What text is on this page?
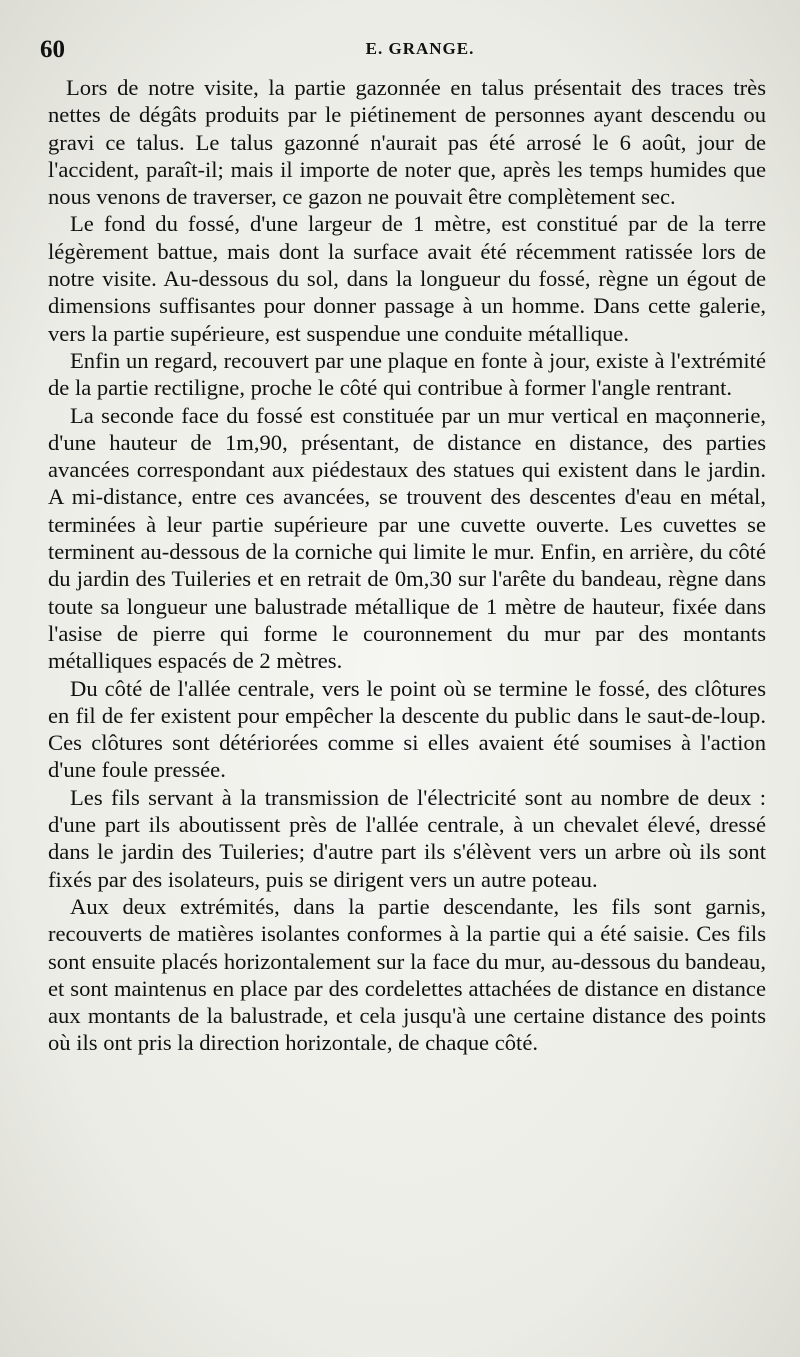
60	E. GRANGE.

Lors de notre visite, la partie gazonnée en talus présentait des traces très nettes de dégâts produits par le piétinement de personnes ayant descendu ou gravi ce talus. Le talus gazonné n'aurait pas été arrosé le 6 août, jour de l'accident, paraît-il; mais il importe de noter que, après les temps humides que nous venons de traverser, ce gazon ne pouvait être complètement sec.

Le fond du fossé, d'une largeur de 1 mètre, est constitué par de la terre légèrement battue, mais dont la surface avait été récemment ratissée lors de notre visite. Au-dessous du sol, dans la longueur du fossé, règne un égout de dimensions suffisantes pour donner passage à un homme. Dans cette galerie, vers la partie supérieure, est suspendue une conduite métallique.

Enfin un regard, recouvert par une plaque en fonte à jour, existe à l'extrémité de la partie rectiligne, proche le côté qui contribue à former l'angle rentrant.

La seconde face du fossé est constituée par un mur vertical en maçonnerie, d'une hauteur de 1m,90, présentant, de distance en distance, des parties avancées correspondant aux piédestaux des statues qui existent dans le jardin. A mi-distance, entre ces avancées, se trouvent des descentes d'eau en métal, terminées à leur partie supérieure par une cuvette ouverte. Les cuvettes se terminent au-dessous de la corniche qui limite le mur. Enfin, en arrière, du côté du jardin des Tuileries et en retrait de 0m,30 sur l'arête du bandeau, règne dans toute sa longueur une balustrade métallique de 1 mètre de hauteur, fixée dans l'asise de pierre qui forme le couronnement du mur par des montants métalliques espacés de 2 mètres.

Du côté de l'allée centrale, vers le point où se termine le fossé, des clôtures en fil de fer existent pour empêcher la descente du public dans le saut-de-loup. Ces clôtures sont détériorées comme si elles avaient été soumises à l'action d'une foule pressée.

Les fils servant à la transmission de l'électricité sont au nombre de deux : d'une part ils aboutissent près de l'allée centrale, à un chevalet élevé, dressé dans le jardin des Tuileries; d'autre part ils s'élèvent vers un arbre où ils sont fixés par des isolateurs, puis se dirigent vers un autre poteau.

Aux deux extrémités, dans la partie descendante, les fils sont garnis, recouverts de matières isolantes conformes à la partie qui a été saisie. Ces fils sont ensuite placés horizontalement sur la face du mur, au-dessous du bandeau, et sont maintenus en place par des cordelettes attachées de distance en distance aux montants de la balustrade, et cela jusqu'à une certaine distance des points où ils ont pris la direction horizontale, de chaque côté.
